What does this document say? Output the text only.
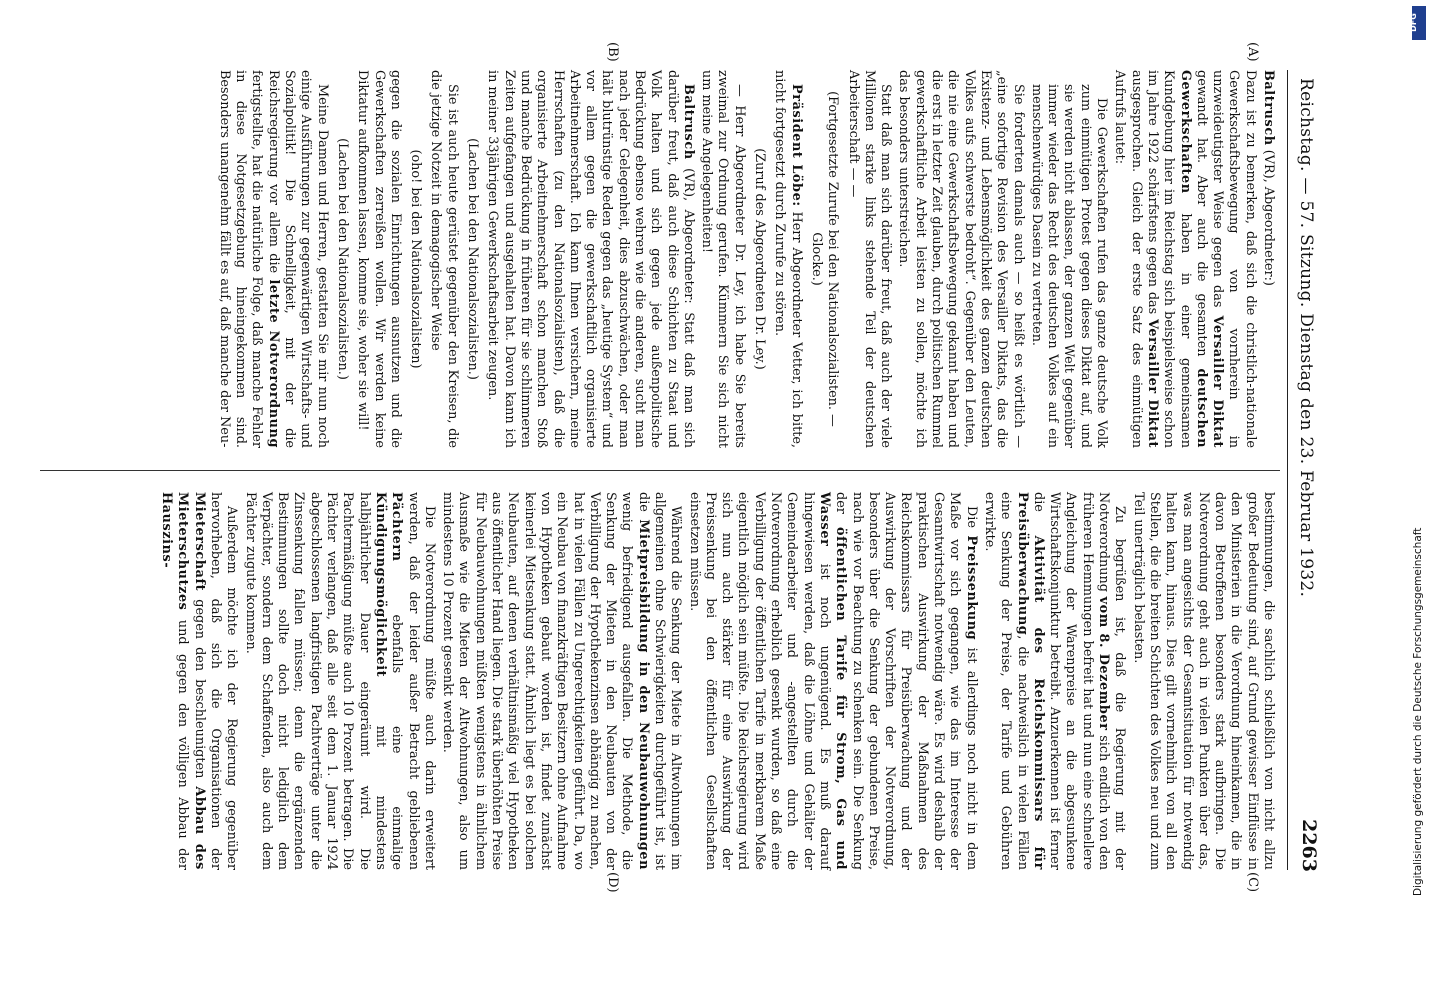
Reichstag. — 57. Sitzung. Dienstag den 23. Februar 1932.
2263
(A)
(B)
(C)
(D)

Baltrusch (VR), Abgeordneter:)

Dazu ist zu bemerken, daß sich die christlich-nationale Gewerkschaftsbewegung von vornherein in unzweideutigster Weise gegen das Versailler Diktat gewandt hat. Aber auch die gesamten deutschen Gewerkschaften haben in einer gemeinsamen Kundgebung hier im Reichstag sich beispielsweise schon im Jahre 1922 schärfstens gegen das Versailler Diktat ausgesprochen. Gleich der erste Satz des einmütigen Aufrufs lautet:

Die Gewerkschaften rufen das ganze deutsche Volk zum einmütigen Protest gegen dieses Diktat auf, und sie werden nicht ablassen, der ganzen Welt gegenüber immer wieder das Recht des deutschen Volkes auf ein menschenwürdiges Dasein zu vertreten.

Sie forderten damals auch — so heißt es wörtlich — „eine sofortige Revision des Versailler Diktats, das die Existenz- und Lebensmöglichkeit des ganzen deutschen Volkes aufs schwerste bedroht“. Gegenüber den Leuten, die nie eine Gewerkschaftsbewegung gekannt haben und die erst in letzter Zeit glauben, durch politischen Rummel gewerkschaftliche Arbeit leisten zu sollen, möchte ich das besonders unterstreichen.

Statt daß man sich darüber freut, daß auch der viele Millionen starke links stehende Teil der deutschen Arbeiterschaft — —

(Fortgesetzte Zurufe bei den Nationalsozialisten. — Glocke.)

Präsident Löbe: Herr Abgeordneter Vetter, ich bitte, nicht fortgesetzt durch Zurufe zu stören.

(Zuruf des Abgeordneten Dr. Ley.)

— Herr Abgeordneter Dr. Ley, ich habe Sie bereits zweimal zur Ordnung gerufen. Kümmern Sie sich nicht um meine Angelegenheiten!

Baltrusch (VR), Abgeordneter: Statt daß man sich darüber freut, daß auch diese Schichten zu Staat und Volk halten und sich gegen jede außenpolitische Bedrückung ebenso wehren wie die anderen, sucht man nach jeder Gelegenheit, dies abzuschwächen, oder man hält blutrünstige Reden gegen das „heutige System“ und vor allem gegen die gewerkschaftlich organisierte Arbeitnehmerschaft. Ich kann Ihnen versichern, meine Herrschaften (zu den Nationalsozialisten), daß die organisierte Arbeitnehmerschaft schon manchen Stoß und manche Bedrückung in früheren für sie schlimmeren Zeiten aufgefangen und ausgehalten hat. Davon kann ich in meiner 33jährigen Gewerkschaftsarbeit zeugen.

(Lachen bei den Nationalsozialisten.)

Sie ist auch heute gerüstet gegenüber den Kreisen, die die jetzige Notzeit in demagogischer Weise

(oho! bei den Nationalsozialisten)

gegen die sozialen Einrichtungen ausnutzen und die Gewerkschaften zerreißen wollen. Wir werden keine Diktatur aufkommen lassen, komme sie, woher sie will!

(Lachen bei den Nationalsozialisten.)

Meine Damen und Herren, gestatten Sie mir nun noch einige Ausführungen zur gegenwärtigen Wirtschafts- und Sozialpolitik! Die Schnelligkeit, mit der die Reichsregierung vor allem die letzte Notverordnung fertigstellte, hat die natürliche Folge, daß manche Fehler in diese Notgesetzgebung hineingekommen sind. Besonders unangenehm fällt es auf, daß manche der Neu-

bestimmungen, die sachlich schließlich von nicht allzu großer Bedeutung sind, auf Grund gewisser Einflüsse in den Ministerien in die Verordnung hineinkamen, die in davon Betroffenen besonders stark aufbringen. Die Notverordnung geht auch in vielen Punkten über das, was man angesichts der Gesamtsituation für notwendig halten kann, hinaus. Dies gilt vornehmlich von all den Stellen, die die breiten Schichten des Volkes neu und zum Teil unerträglich belasten.

Zu begrüßen ist, daß die Regierung mit der Notverordnung vom 8. Dezember sich endlich von den früheren Hemmungen befreit hat und nun eine schnellere Angleichung der Warenpreise an die abgesunkene Wirtschaftskonjunktur betreibt. Anzuerkennen ist ferner die Aktivität des Reichskommissars für Preisüberwachung, die nachweislich in vielen Fällen eine Senkung der Preise, der Tarife und Gebühren erwirkte.

Die Preissenkung ist allerdings noch nicht in dem Maße vor sich gegangen, wie das im Interesse der Gesamtwirtschaft notwendig wäre. Es wird deshalb der praktischen Auswirkung der Maßnahmen des Reichskommissars für Preisüberwachung und der Auswirkung der Vorschriften der Notverordnung, besonders über die Senkung der gebundenen Preise, nach wie vor Beachtung zu schenken sein. Die Senkung der öffentlichen Tarife für Strom, Gas und Wasser ist noch ungenügend. Es muß darauf hingewiesen werden, daß die Löhne und Gehälter der Gemeindearbeiter und -angestellten durch die Notverordnung erheblich gesenkt wurden, so daß eine Verbilligung der öffentlichen Tarife in merkbarem Maße eigentlich möglich sein müßte. Die Reichsregierung wird sich nun auch stärker für eine Auswirkung der Preissenkung bei den öffentlichen Gesellschaften einsetzen müssen.

Während die Senkung der Miete in Altwohnungen im allgemeinen ohne Schwierigkeiten durchgeführt ist, ist die Mietpreisbildung in den Neubauwohnungen wenig befriedigend ausgefallen. Die Methode, die Senkung der Mieten in den Neubauten von der Verbilligung der Hypothekenzinsen abhängig zu machen, hat in vielen Fällen zu Ungerechtigkeiten geführt. Da, wo ein Neubau von finanzkräftigen Besitzern ohne Aufnahme von Hypotheken gebaut worden ist, findet zunächst keinerlei Mietsenkung statt. Ähnlich liegt es bei solchen Neubauten, auf denen verhältnismäßig viel Hypotheken aus öffentlicher Hand liegen. Die stark überhöhten Preise für Neubauwohnungen müßten wenigstens in ähnlichem Ausmaße wie die Mieten der Altwohnungen, also um mindestens 10 Prozent gesenkt werden.

Die Notverordnung müßte auch darin erweitert werden, daß der leider außer Betracht gebliebenen Pächtern ebenfalls eine einmalige Kündigungsmöglichkeit mit mindestens halbjährlicher Dauer eingeräumt wird. Die Pachtermäßigung müßte auch 10 Prozent betragen. Die Pächter verlangen, daß alle seit dem 1. Januar 1924 abgeschlossenen langfristigen Pachtverträge unter die Zinssenkung fallen müssen; denn die ergänzenden Bestimmungen sollte doch nicht lediglich dem Verpächter, sondern dem Schaffenden, also auch dem Pächter zugute kommen.

Außerdem möchte ich der Regierung gegenüber hervorheben, daß sich die Organisationen der Mieterschaft gegen den beschleunigten Abbau des Mieterschutzes und gegen den völligen Abbau der Hauszins-

DFG
Digitalisierung gefördert durch die Deutsche Forschungsgemeinschaft
